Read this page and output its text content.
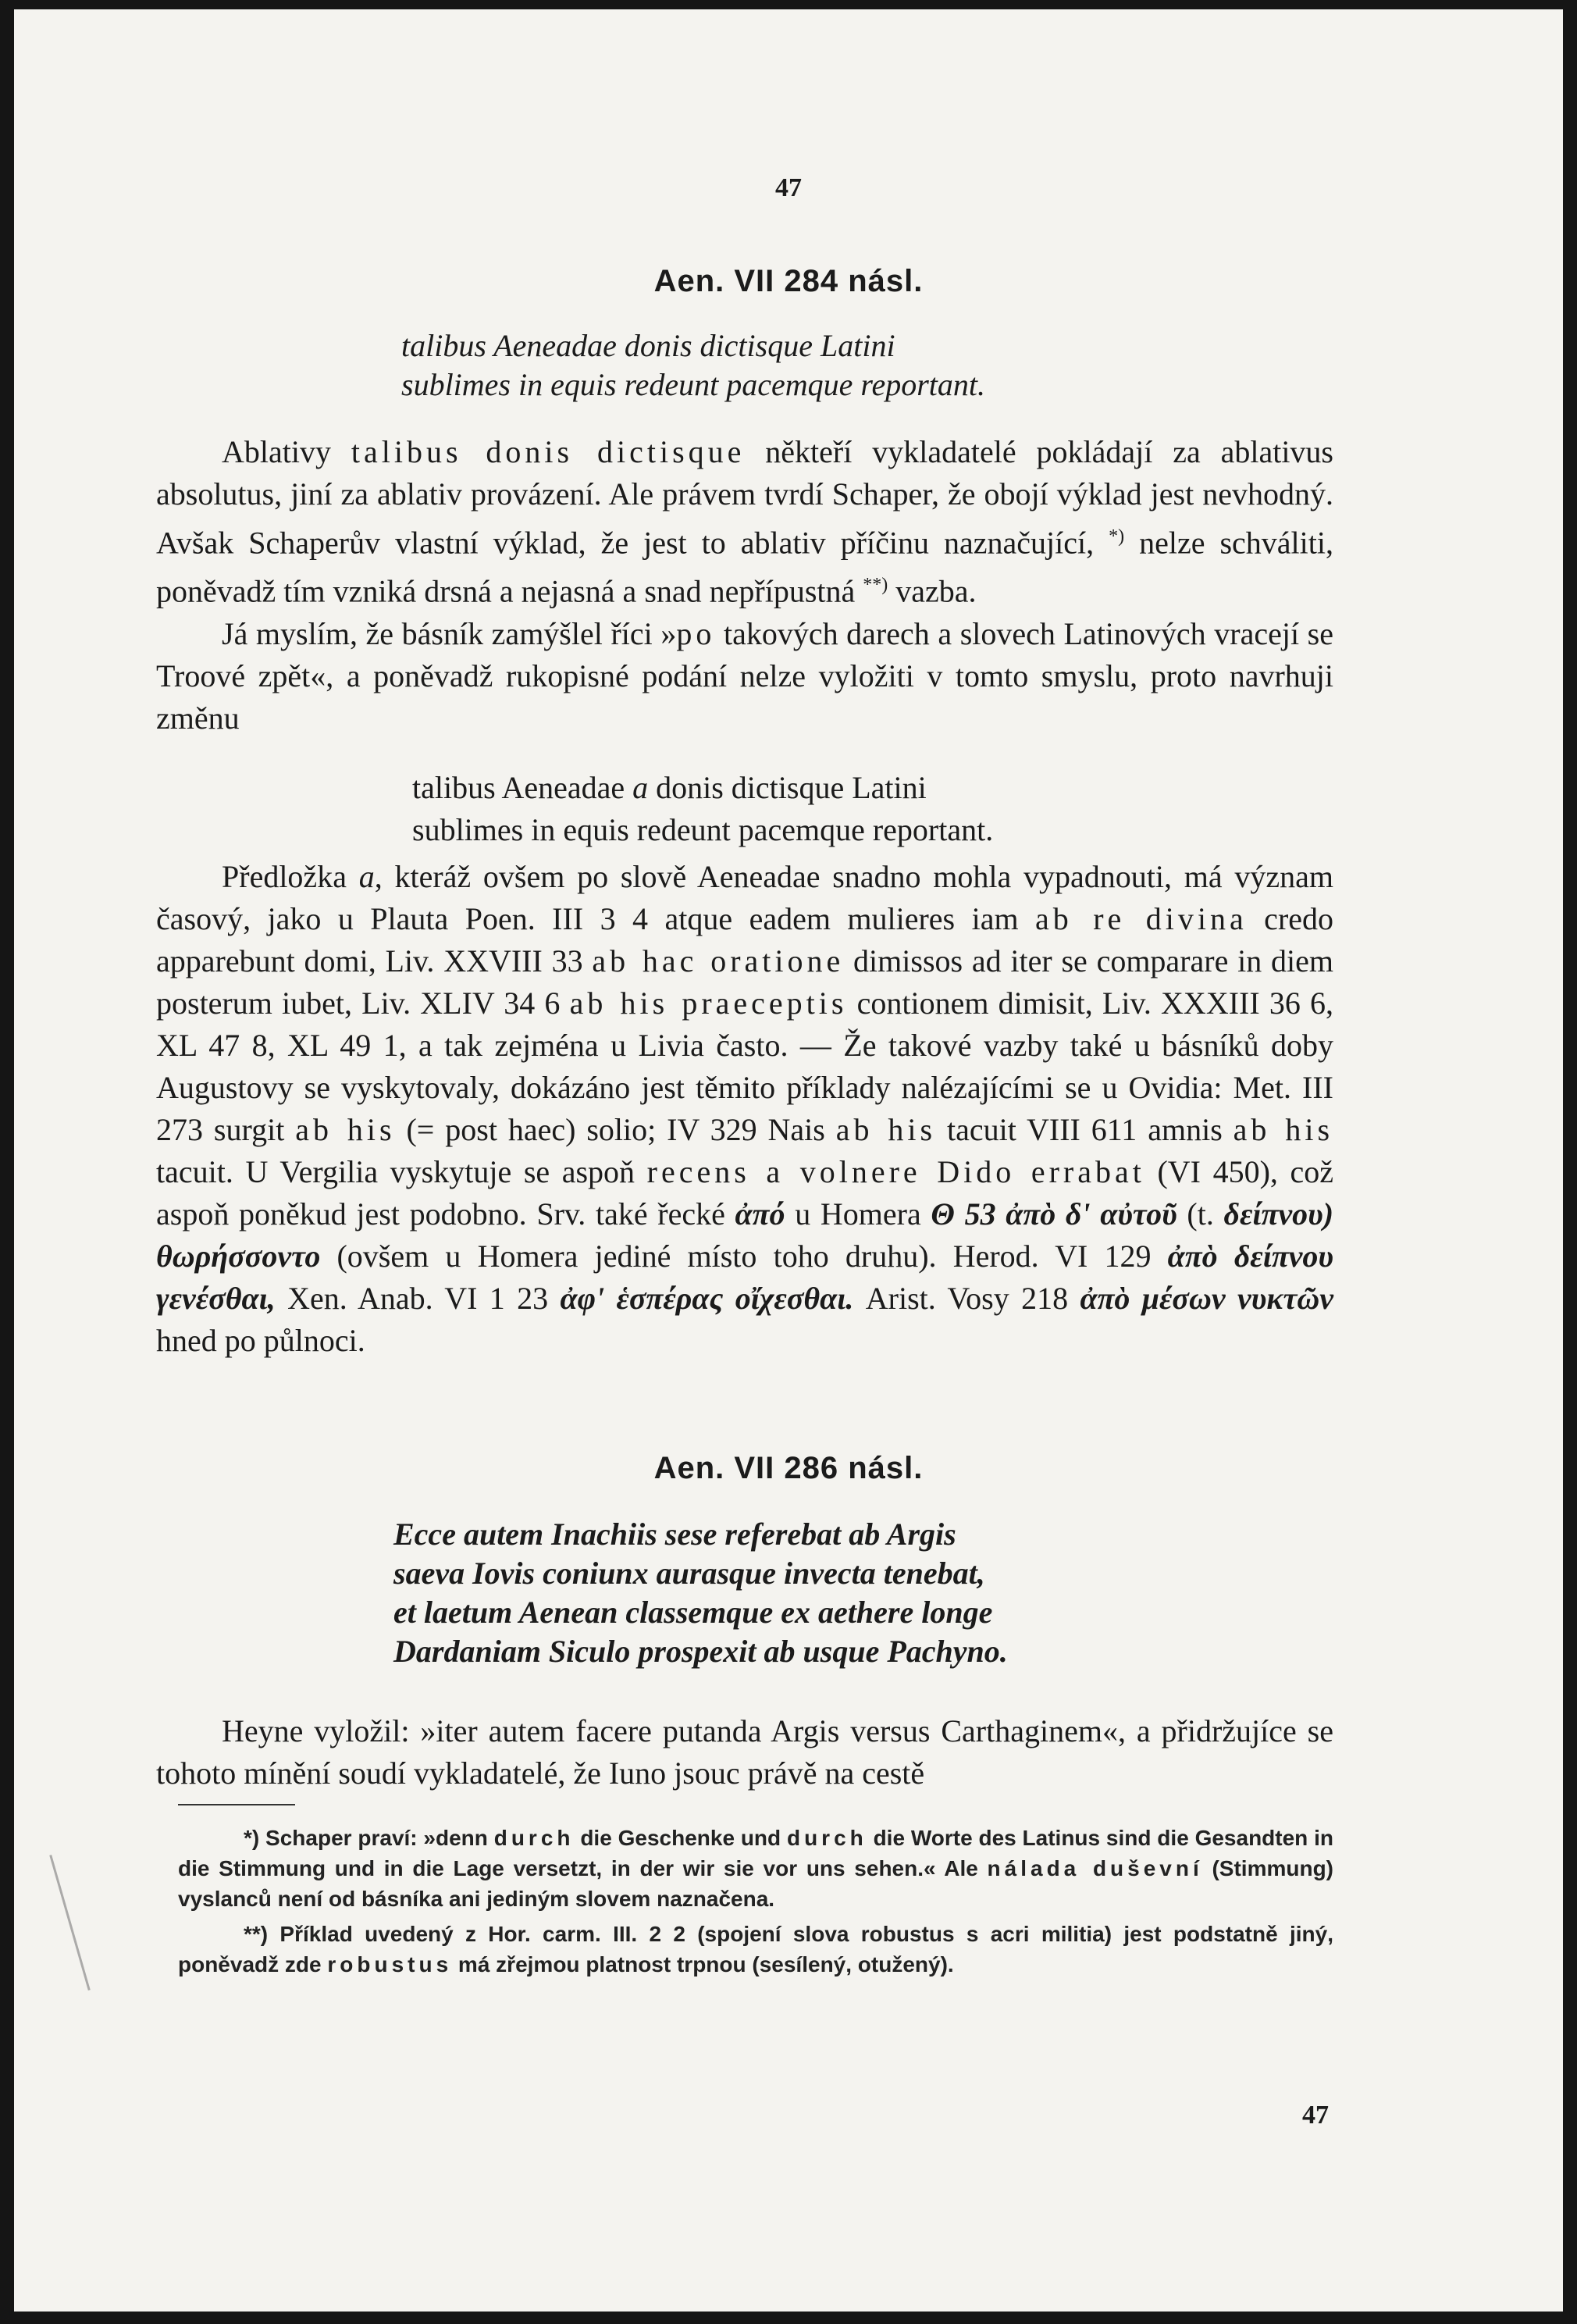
47
Aen. VII 284 násl.
talibus Aeneadae donis dictisque Latini
sublimes in equis redeunt pacemque reportant.

Ablativy talibus donis dictisque někteří vykladatelé pokládají za ablativus absolutus, jiní za ablativ provázení. Ale právem tvrdí Schaper, že obojí výklad jest nevhodný. Avšak Schaperův vlastní výklad, že jest to ablativ příčinu naznačující, *) nelze schváliti, poněvadž tím vzniká drsná a nejasná a snad nepřípustná **) vazba.

Já myslím, že básník zamýšlel říci »po takových darech a slovech Latinových vracejí se Troové zpět«, a poněvadž rukopisné podání nelze vyložiti v tomto smyslu, proto navrhuji změnu

talibus Aeneadae a donis dictisque Latini
sublimes in equis redeunt pacemque reportant.

Předložka a, kteráž ovšem po slově Aeneadae snadno mohla vypadnouti, má význam časový, jako u Plauta Poen. III 3 4 atque eadem mulieres iam ab re divina credo apparebunt domi, Liv. XXVIII 33 ab hac oratione dimissos ad iter se comparare in diem posterum iubet, Liv. XLIV 34 6 ab his praeceptis contionem dimisit, Liv. XXXIII 36 6, XL 47 8, XL 49 1, a tak zejména u Livia často. — Že takové vazby také u básníků doby Augustovy se vyskytovaly, dokázáno jest těmito příklady nalézajícími se u Ovidia: Met. III 273 surgit ab his (= post haec) solio; IV 329 Nais ab his tacuit VIII 611 amnis ab his tacuit. U Vergilia vyskytuje se aspoň recens a volnere Dido errabat (VI 450), což aspoň poněkud jest podobno. Srv. také řecké ἀπό u Homera Θ 53 ἀπὸ δ' αὐτοῦ (t. δείπνου) θωρήσσοντο (ovšem u Homera jediné místo toho druhu). Herod. VI 129 ἀπὸ δείπνου γενέσθαι, Xen. Anab. VI 1 23 ἀφ' ἑσπέρας οἴχεσθαι. Arist. Vosy 218 ἀπὸ μέσων νυκτῶν hned po půlnoci.

Aen. VII 286 násl.
Ecce autem Inachiis sese referebat ab Argis
saeva Iovis coniunx aurasque invecta tenebat,
et laetum Aenean classemque ex aethere longe
Dardaniam Siculo prospexit ab usque Pachyno.

Heyne vyložil: »iter autem facere putanda Argis versus Carthaginem«, a přidržujíce se tohoto mínění soudí vykladatelé, že Iuno jsouc právě na cestě

*) Schaper praví: »denn durch die Geschenke und durch die Worte des Latinus sind die Gesandten in die Stimmung und in die Lage versetzt, in der wir sie vor uns sehen.« Ale nálada duševní (Stimmung) vyslanců není od básníka ani jediným slovem naznačena.

**) Příklad uvedený z Hor. carm. III. 2 2 (spojení slova robustus s acri militia) jest podstatně jiný, poněvadž zde robustus má zřejmou platnost trpnou (sesílený, otužený).

47
